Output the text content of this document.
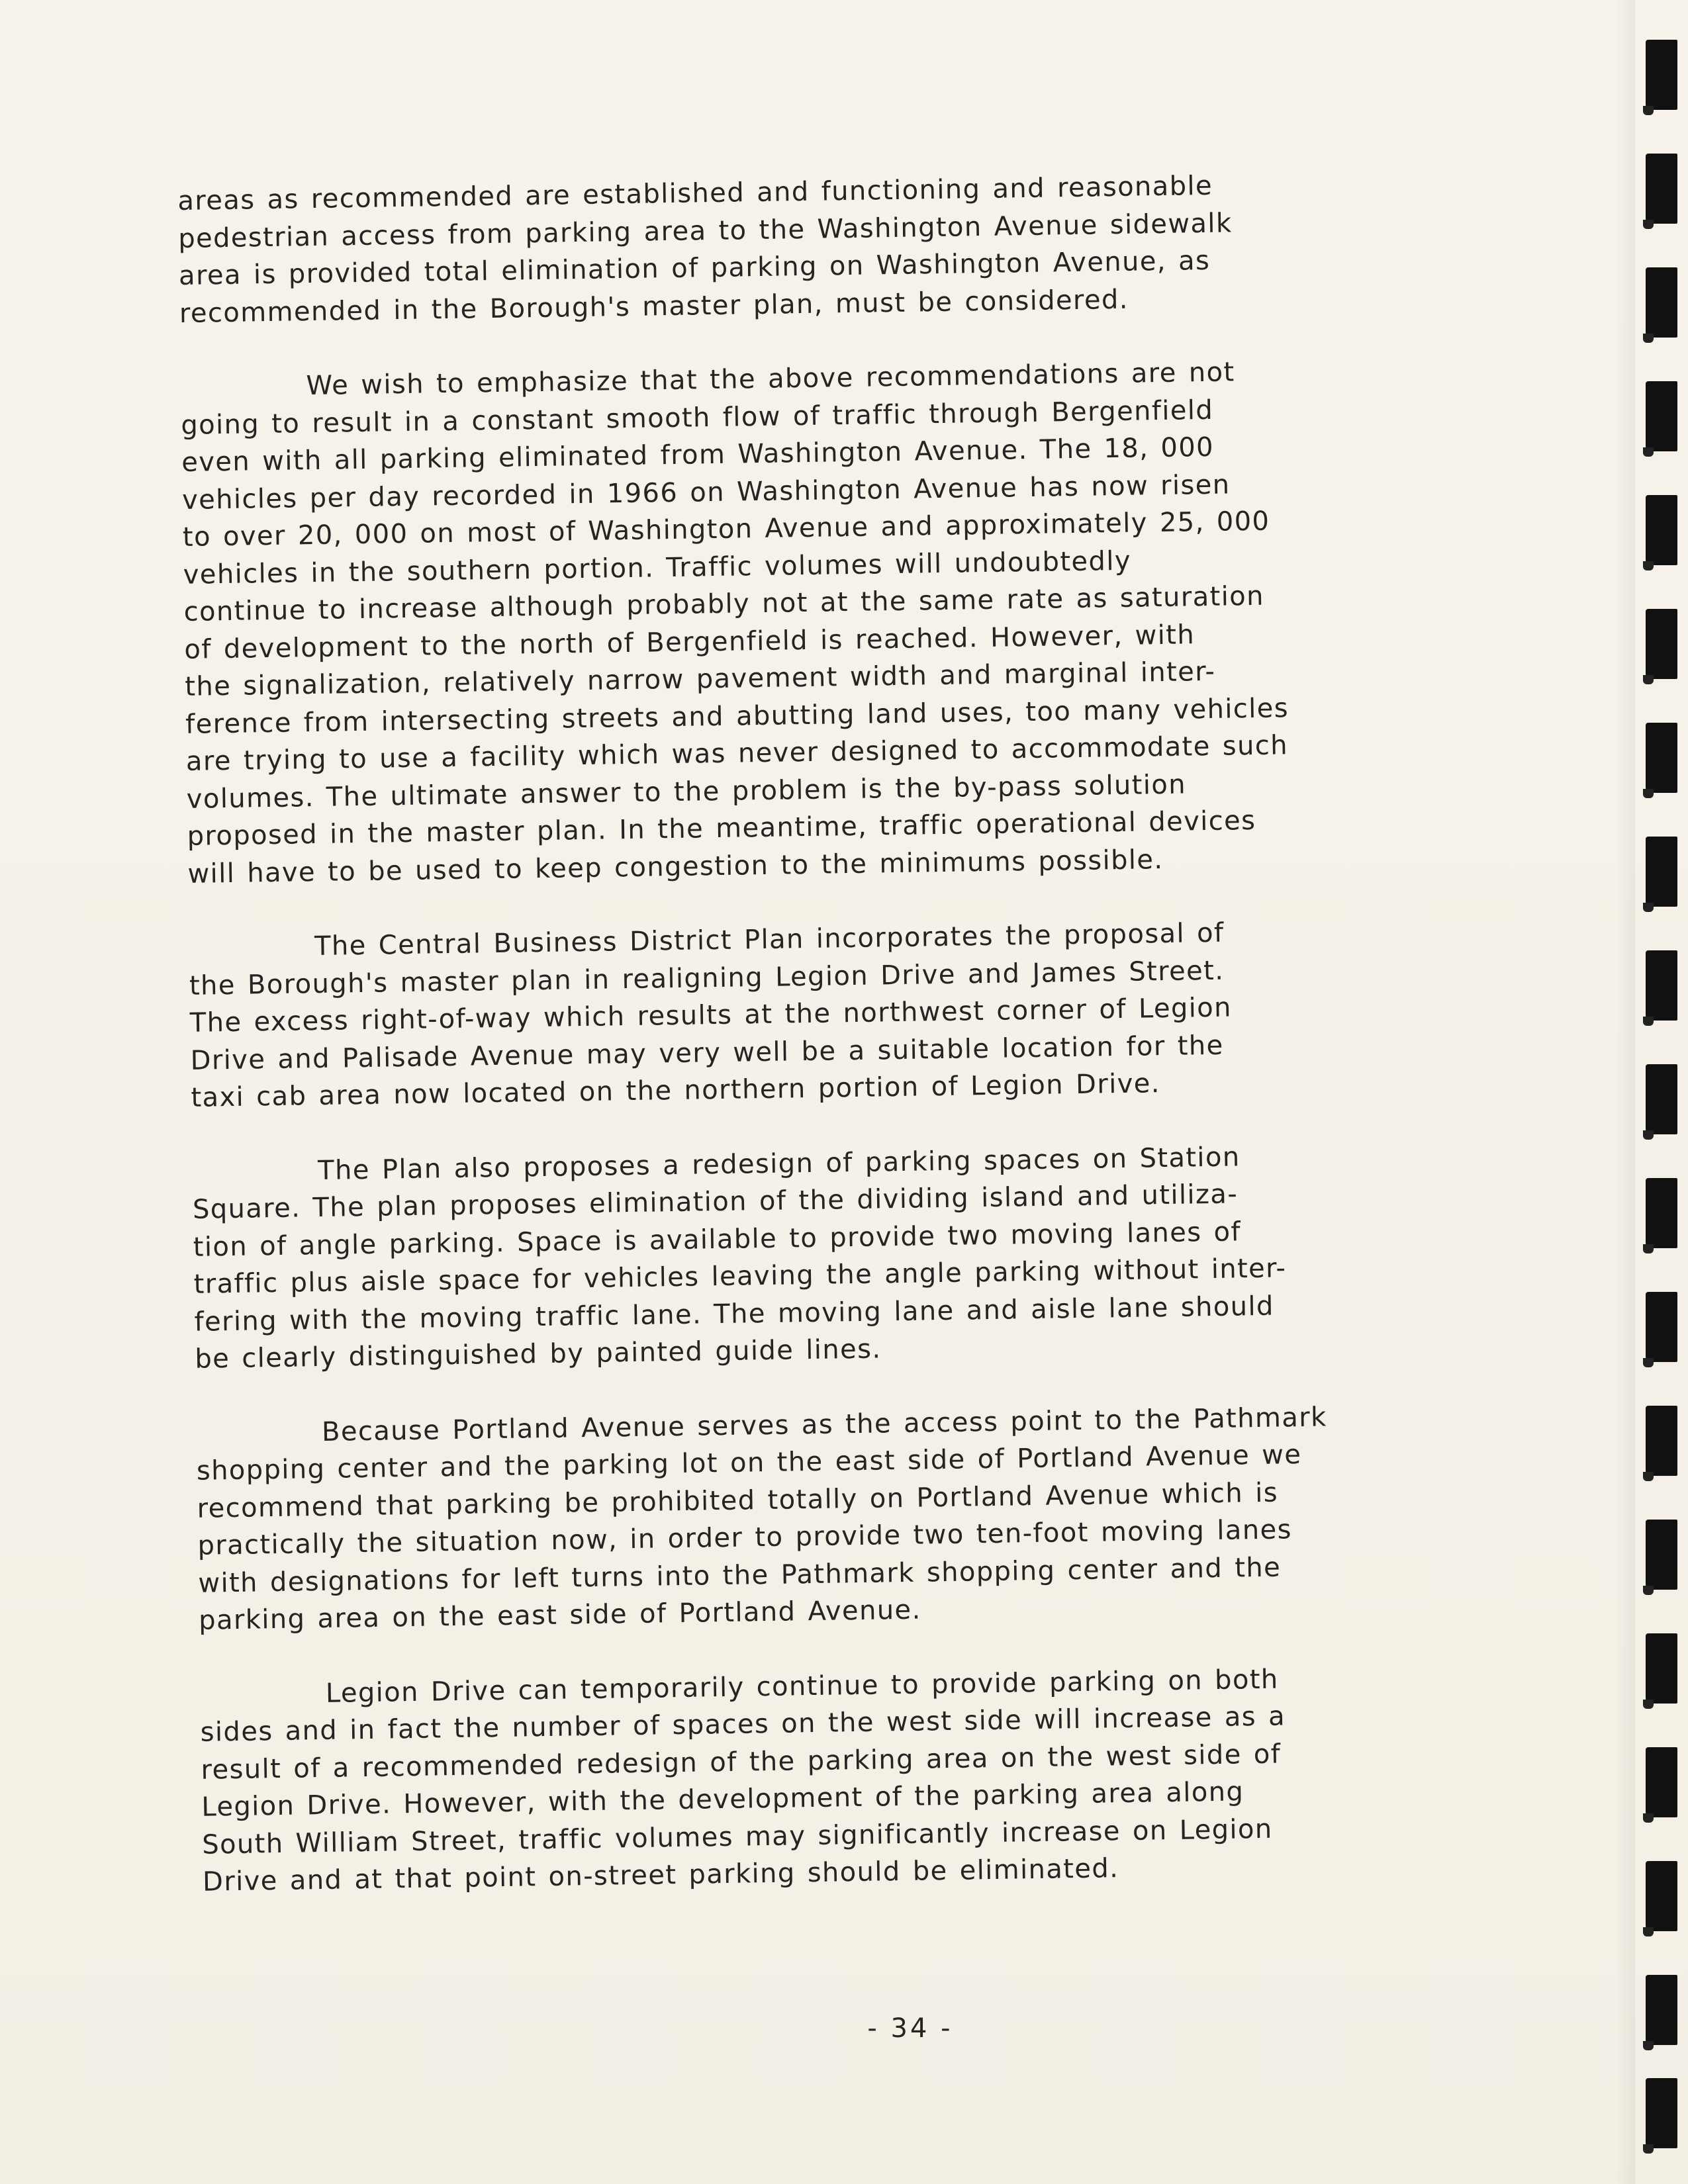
areas as recommended are established and functioning and reasonable
pedestrian access from parking area to the Washington Avenue sidewalk
area is provided total elimination of parking on Washington Avenue, as
recommended in the Borough's master plan, must be considered.

We wish to emphasize that the above recommendations are not
going to result in a constant smooth flow of traffic through Bergenfield
even with all parking eliminated from Washington Avenue. The 18, 000
vehicles per day recorded in 1966 on Washington Avenue has now risen
to over 20, 000 on most of Washington Avenue and approximately 25, 000
vehicles in the southern portion. Traffic volumes will undoubtedly
continue to increase although probably not at the same rate as saturation
of development to the north of Bergenfield is reached. However, with
the signalization, relatively narrow pavement width and marginal inter-
ference from intersecting streets and abutting land uses, too many vehicles
are trying to use a facility which was never designed to accommodate such
volumes. The ultimate answer to the problem is the by-pass solution
proposed in the master plan. In the meantime, traffic operational devices
will have to be used to keep congestion to the minimums possible.

The Central Business District Plan incorporates the proposal of
the Borough's master plan in realigning Legion Drive and James Street.
The excess right-of-way which results at the northwest corner of Legion
Drive and Palisade Avenue may very well be a suitable location for the
taxi cab area now located on the northern portion of Legion Drive.

The Plan also proposes a redesign of parking spaces on Station
Square. The plan proposes elimination of the dividing island and utiliza-
tion of angle parking. Space is available to provide two moving lanes of
traffic plus aisle space for vehicles leaving the angle parking without inter-
fering with the moving traffic lane. The moving lane and aisle lane should
be clearly distinguished by painted guide lines.

Because Portland Avenue serves as the access point to the Pathmark
shopping center and the parking lot on the east side of Portland Avenue we
recommend that parking be prohibited totally on Portland Avenue which is
practically the situation now, in order to provide two ten-foot moving lanes
with designations for left turns into the Pathmark shopping center and the
parking area on the east side of Portland Avenue.

Legion Drive can temporarily continue to provide parking on both
sides and in fact the number of spaces on the west side will increase as a
result of a recommended redesign of the parking area on the west side of
Legion Drive. However, with the development of the parking area along
South William Street, traffic volumes may significantly increase on Legion
Drive and at that point on-street parking should be eliminated.

- 34 -
